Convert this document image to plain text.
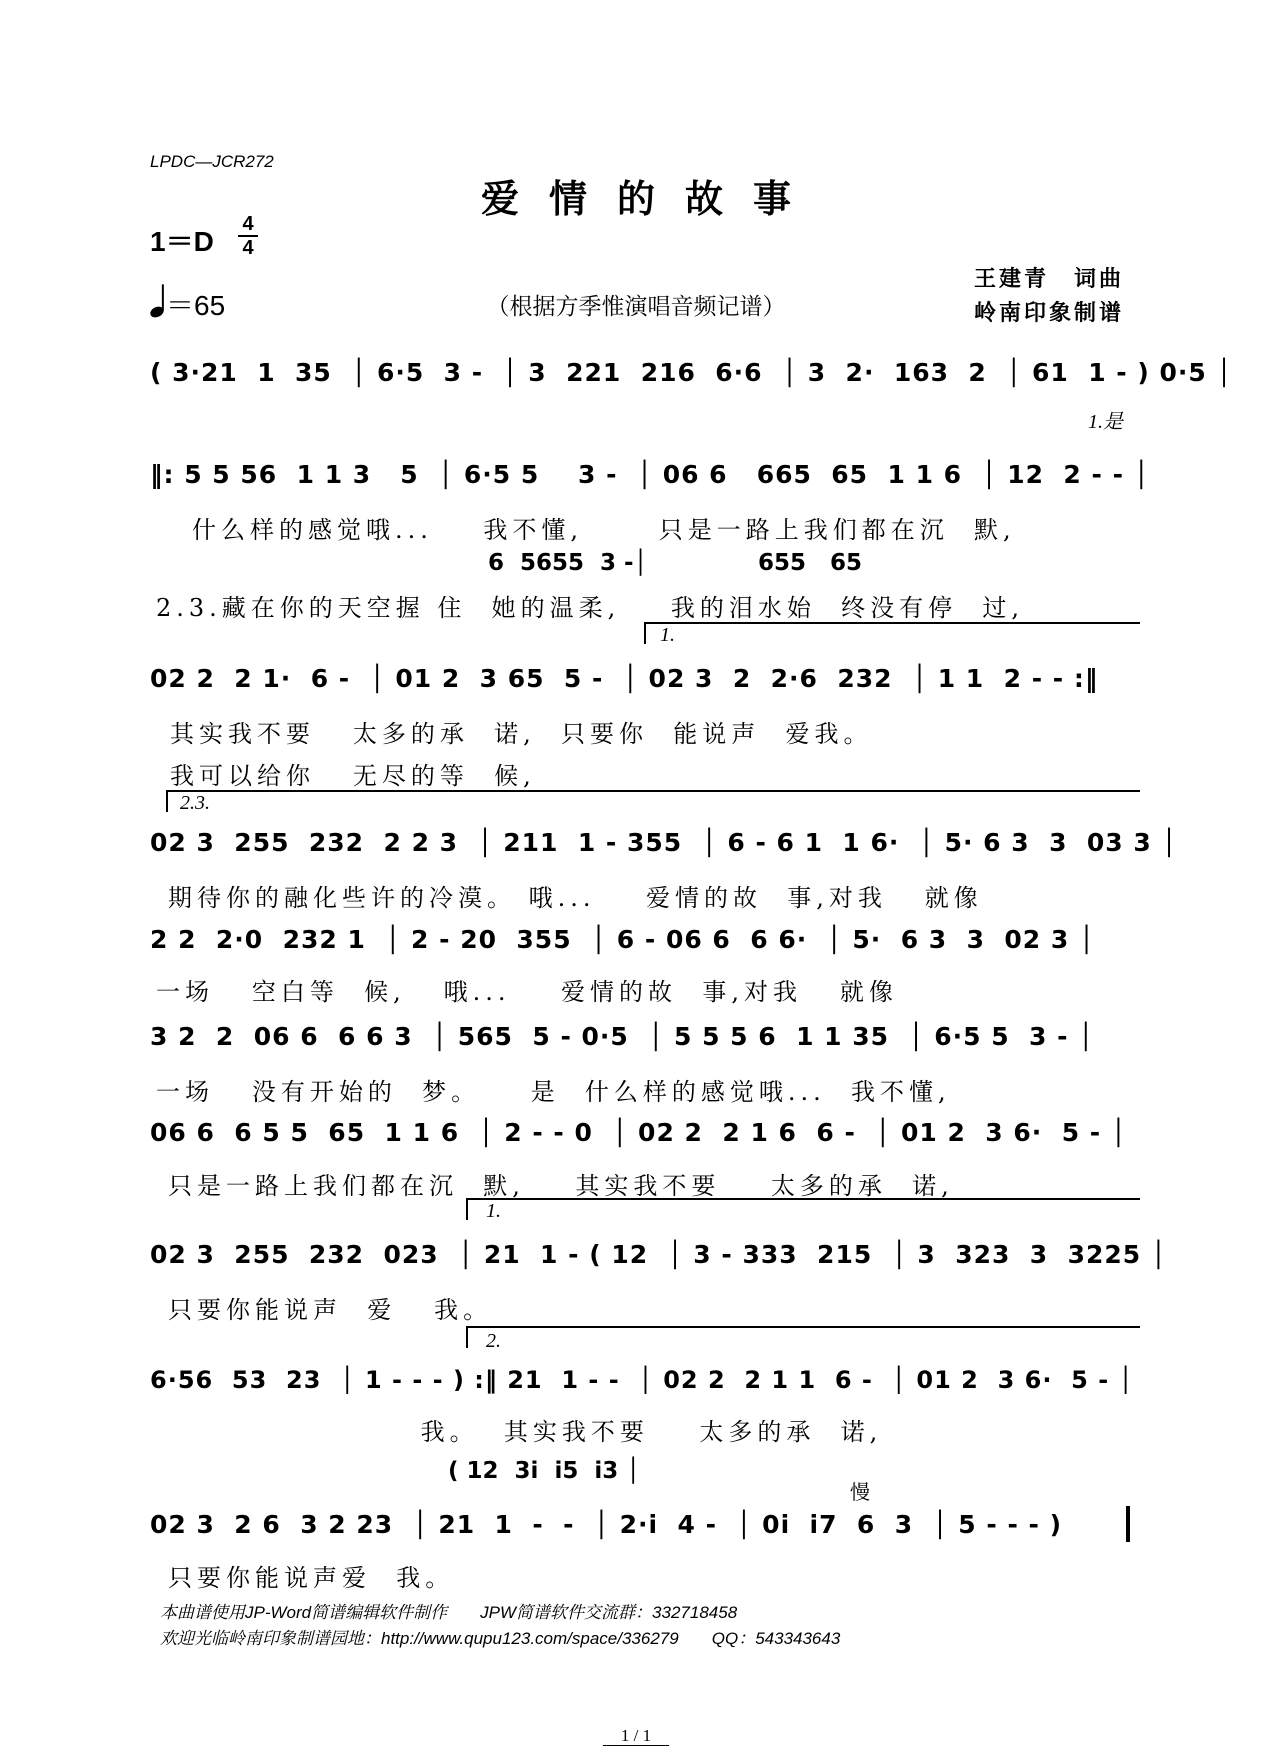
LPDC—JCR272
爱情的故事
1＝D
4
4
＝65	（根据方季惟演唱音频记谱）
王建青　词曲
岭南印象制谱
( 3·21  1  35  │ 6·5  3 -  │ 3  221  216  6·6  │ 3  2·  163  2  │ 61  1 - ) 0·5 │
1.是
‖: 5 5 56  1 1 3   5  │ 6·5 5    3 -  │ 06 6   665  65  1 1 6  │ 12  2 - - │
什么样的感觉哦...    我不懂,      只是一路上我们都在沉  默,
6  5655  3 -│	655   65
2.3.藏在你的天空握 住  她的温柔,    我的泪水始  终没有停  过,
1.
02 2  2 1·  6 -  │ 01 2  3 65  5 -  │ 02 3  2  2·6  232  │ 1 1  2 - - :‖
其实我不要   太多的承  诺,  只要你  能说声  爱我。
我可以给你   无尽的等  候,
2.3.
02 3  255  232  2 2 3  │ 211  1 - 355  │ 6 - 6 1  1 6·  │ 5· 6 3  3  03 3 │
期待你的融化些许的冷漠。 哦...    爱情的故  事,对我   就像
2 2  2·0  232 1  │ 2 - 20  355  │ 6 - 06 6  6 6·  │ 5·  6 3  3  02 3 │
一场   空白等  候,   哦...    爱情的故  事,对我   就像
3 2  2  06 6  6 6 3  │ 565  5 - 0·5  │ 5 5 5 6  1 1 35  │ 6·5 5  3 - │
一场   没有开始的  梦。    是  什么样的感觉哦...  我不懂,
06 6  6 5 5  65  1 1 6  │ 2 - - 0  │ 02 2  2 1 6  6 -  │ 01 2  3 6·  5 - │
只是一路上我们都在沉  默,    其实我不要    太多的承  诺,
1.
02 3  255  232  023  │ 21  1 - ( 12  │ 3 - 333  215  │ 3  323  3  3225 │
只要你能说声  爱   我。
2.
6·56  53  23  │ 1 - - - ) :‖ 21  1 - -  │ 02 2  2 1 1  6 -  │ 01 2  3 6·  5 - │
我。  其实我不要    太多的承  诺,
( 12  3i  i5  i3 │
慢
02 3  2 6  3 2 23  │ 21  1  -  -  │ 2·i  4 -  │ 0i  i7  6  3  │ 5 - - - )
只要你能说声爱  我。
本曲谱使用JP-Word简谱编辑软件制作       JPW简谱软件交流群：332718458
欢迎光临岭南印象制谱园地：http://www.qupu123.com/space/336279       QQ：543343643
1 / 1
